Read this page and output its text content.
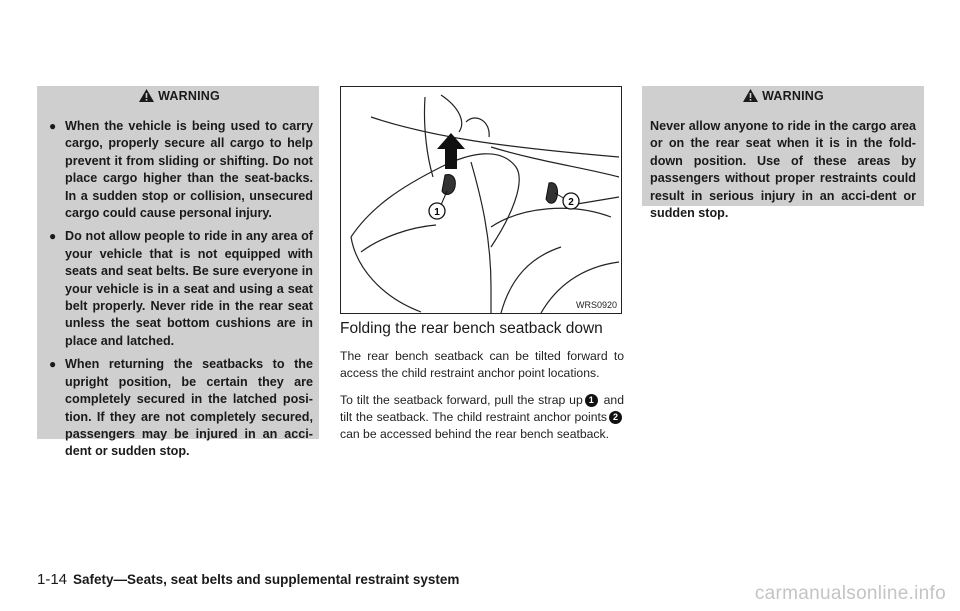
WARNING
● When the vehicle is being used to carry cargo, properly secure all cargo to help prevent it from sliding or shifting. Do not place cargo higher than the seat-backs. In a sudden stop or collision, unsecured cargo could cause personal injury.
● Do not allow people to ride in any area of your vehicle that is not equipped with seats and seat belts. Be sure everyone in your vehicle is in a seat and using a seat belt properly. Never ride in the rear seat unless the seat bottom cushions are in place and latched.
● When returning the seatbacks to the upright position, be certain they are completely secured in the latched posi-tion. If they are not completely secured, passengers may be injured in an acci-dent or sudden stop.
1
2
WRS0920
Folding the rear bench seatback down
The rear bench seatback can be tilted forward to access the child restraint anchor point locations.
To tilt the seatback forward, pull the strap up 1 and tilt the seatback. The child restraint anchor points 2 can be accessed behind the rear bench seatback.
WARNING
Never allow anyone to ride in the cargo area or on the rear seat when it is in the fold-down position. Use of these areas by passengers without proper restraints could result in serious injury in an acci-dent or sudden stop.
1-14 Safety—Seats, seat belts and supplemental restraint system
carmanualsonline.info
